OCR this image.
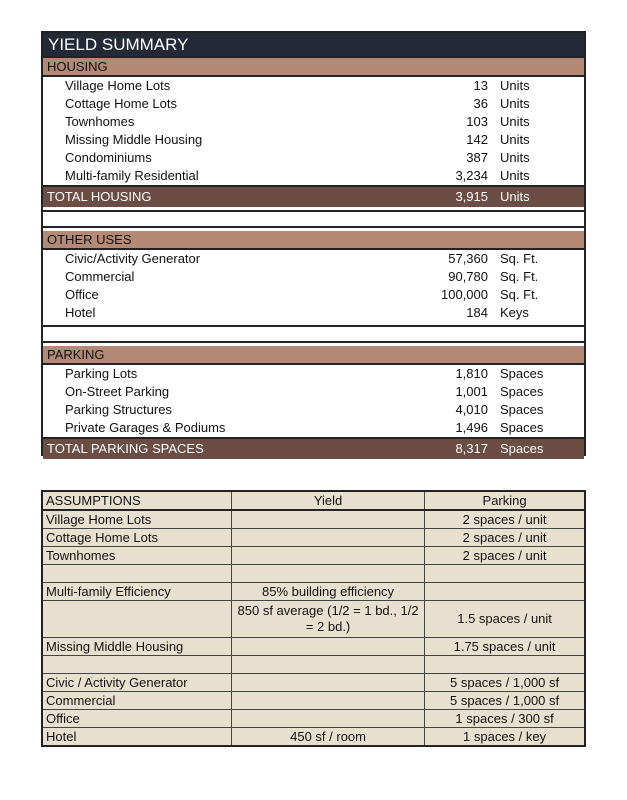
YIELD SUMMARY
HOUSING
Village Home Lots	13 Units
Cottage Home Lots	36 Units
Townhomes	103 Units
Missing Middle Housing	142 Units
Condominiums	387 Units
Multi-family Residential	3,234 Units
TOTAL HOUSING	3,915 Units
OTHER USES
Civic/Activity Generator	57,360 Sq. Ft.
Commercial	90,780 Sq. Ft.
Office	100,000 Sq. Ft.
Hotel	184 Keys
PARKING
Parking Lots	1,810 Spaces
On-Street Parking	1,001 Spaces
Parking Structures	4,010 Spaces
Private Garages & Podiums	1,496 Spaces
TOTAL PARKING SPACES	8,317 Spaces
ASSUMPTIONS	Yield	Parking
Village Home Lots		2 spaces / unit
Cottage Home Lots		2 spaces / unit
Townhomes		2 spaces / unit

Multi-family Efficiency	85% building efficiency	
	850 sf average (1/2 = 1 bd., 1/2 = 2 bd.)	1.5 spaces / unit
Missing Middle Housing		1.75 spaces / unit

Civic / Activity Generator		5 spaces / 1,000 sf
Commercial		5 spaces / 1,000 sf
Office		1 spaces / 300 sf
Hotel	450 sf / room	1 spaces / key
